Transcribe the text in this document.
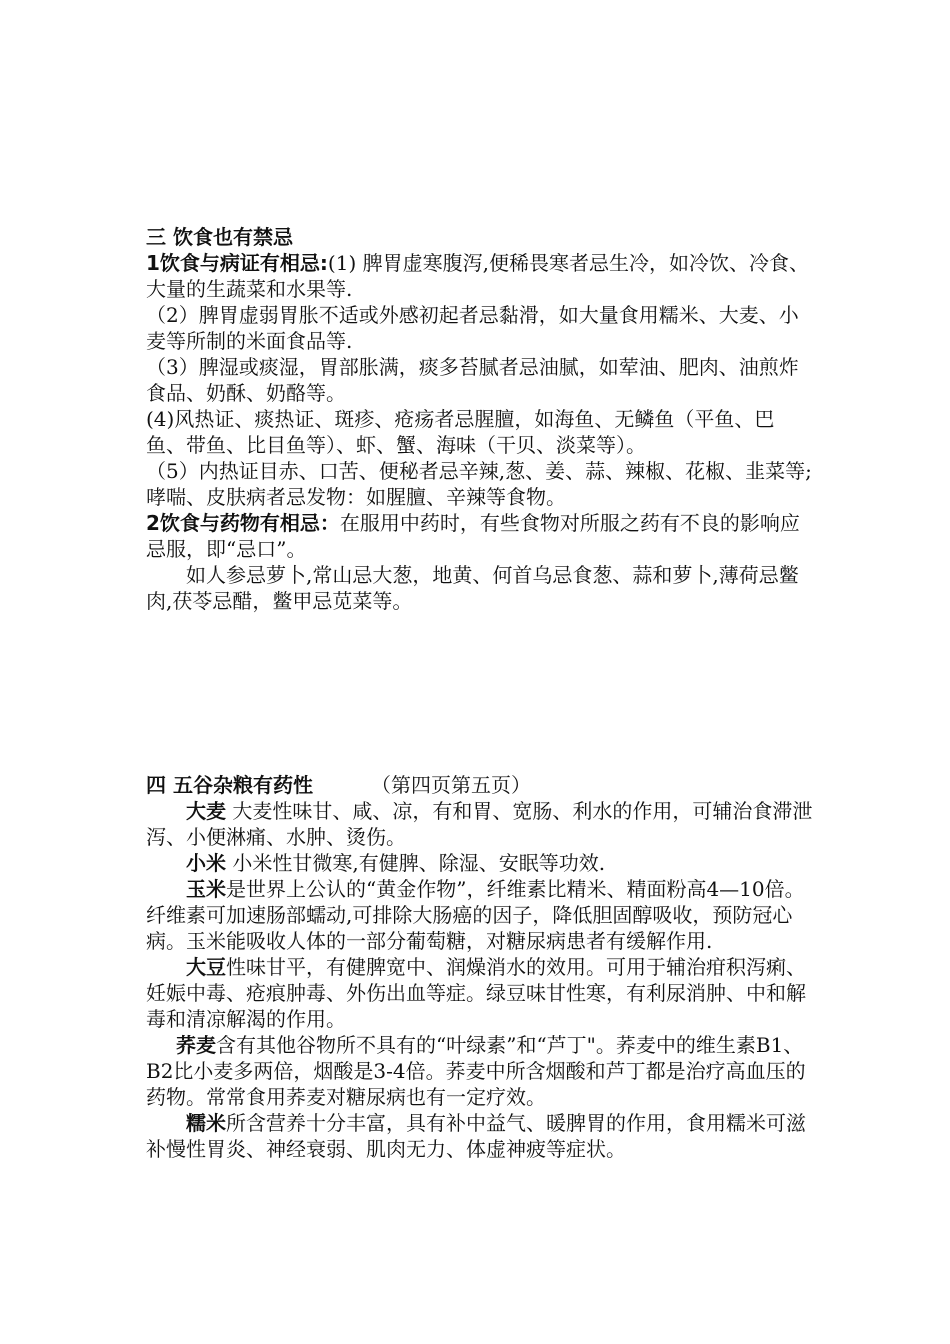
三 饮食也有禁忌

1饮食与病证有相忌:(1) 脾胃虚寒腹泻,便稀畏寒者忌生冷，如冷饮、冷食、大量的生蔬菜和水果等.

（2）脾胃虚弱胃胀不适或外感初起者忌黏滑，如大量食用糯米、大麦、小麦等所制的米面食品等.

（3）脾湿或痰湿，胃部胀满，痰多苔腻者忌油腻，如荤油、肥肉、油煎炸食品、奶酥、奶酪等。

(4)风热证、痰热证、斑疹、疮疡者忌腥膻，如海鱼、无鳞鱼（平鱼、巴鱼、带鱼、比目鱼等）、虾、蟹、海味（干贝、淡菜等）。

（5）内热证目赤、口苦、便秘者忌辛辣,葱、姜、蒜、辣椒、花椒、韭菜等;哮喘、皮肤病者忌发物：如腥膻、辛辣等食物。

2饮食与药物有相忌：在服用中药时，有些食物对所服之药有不良的影响应忌服，即“忌口”。

如人参忌萝卜,常山忌大葱，地黄、何首乌忌食葱、蒜和萝卜,薄荷忌鳖肉,茯苓忌醋，鳖甲忌苋菜等。

四 五谷杂粮有药性	（第四页第五页）

大麦 大麦性味甘、咸、凉，有和胃、宽肠、利水的作用，可辅治食滞泄泻、小便淋痛、水肿、烫伤。

小米 小米性甘微寒,有健脾、除湿、安眠等功效.

玉米是世界上公认的“黄金作物”，纤维素比精米、精面粉高4—10倍。纤维素可加速肠部蠕动,可排除大肠癌的因子，降低胆固醇吸收，预防冠心病。玉米能吸收人体的一部分葡萄糖，对糖尿病患者有缓解作用.

大豆性味甘平，有健脾宽中、润燥消水的效用。可用于辅治疳积泻痢、妊娠中毒、疮痕肿毒、外伤出血等症。绿豆味甘性寒，有利尿消肿、中和解毒和清凉解渴的作用。

荞麦含有其他谷物所不具有的“叶绿素”和“芦丁"。荞麦中的维生素B1、B2比小麦多两倍，烟酸是3-4倍。荞麦中所含烟酸和芦丁都是治疗高血压的药物。常常食用荞麦对糖尿病也有一定疗效。

糯米所含营养十分丰富，具有补中益气、暖脾胃的作用，食用糯米可滋补慢性胃炎、神经衰弱、肌肉无力、体虚神疲等症状。
